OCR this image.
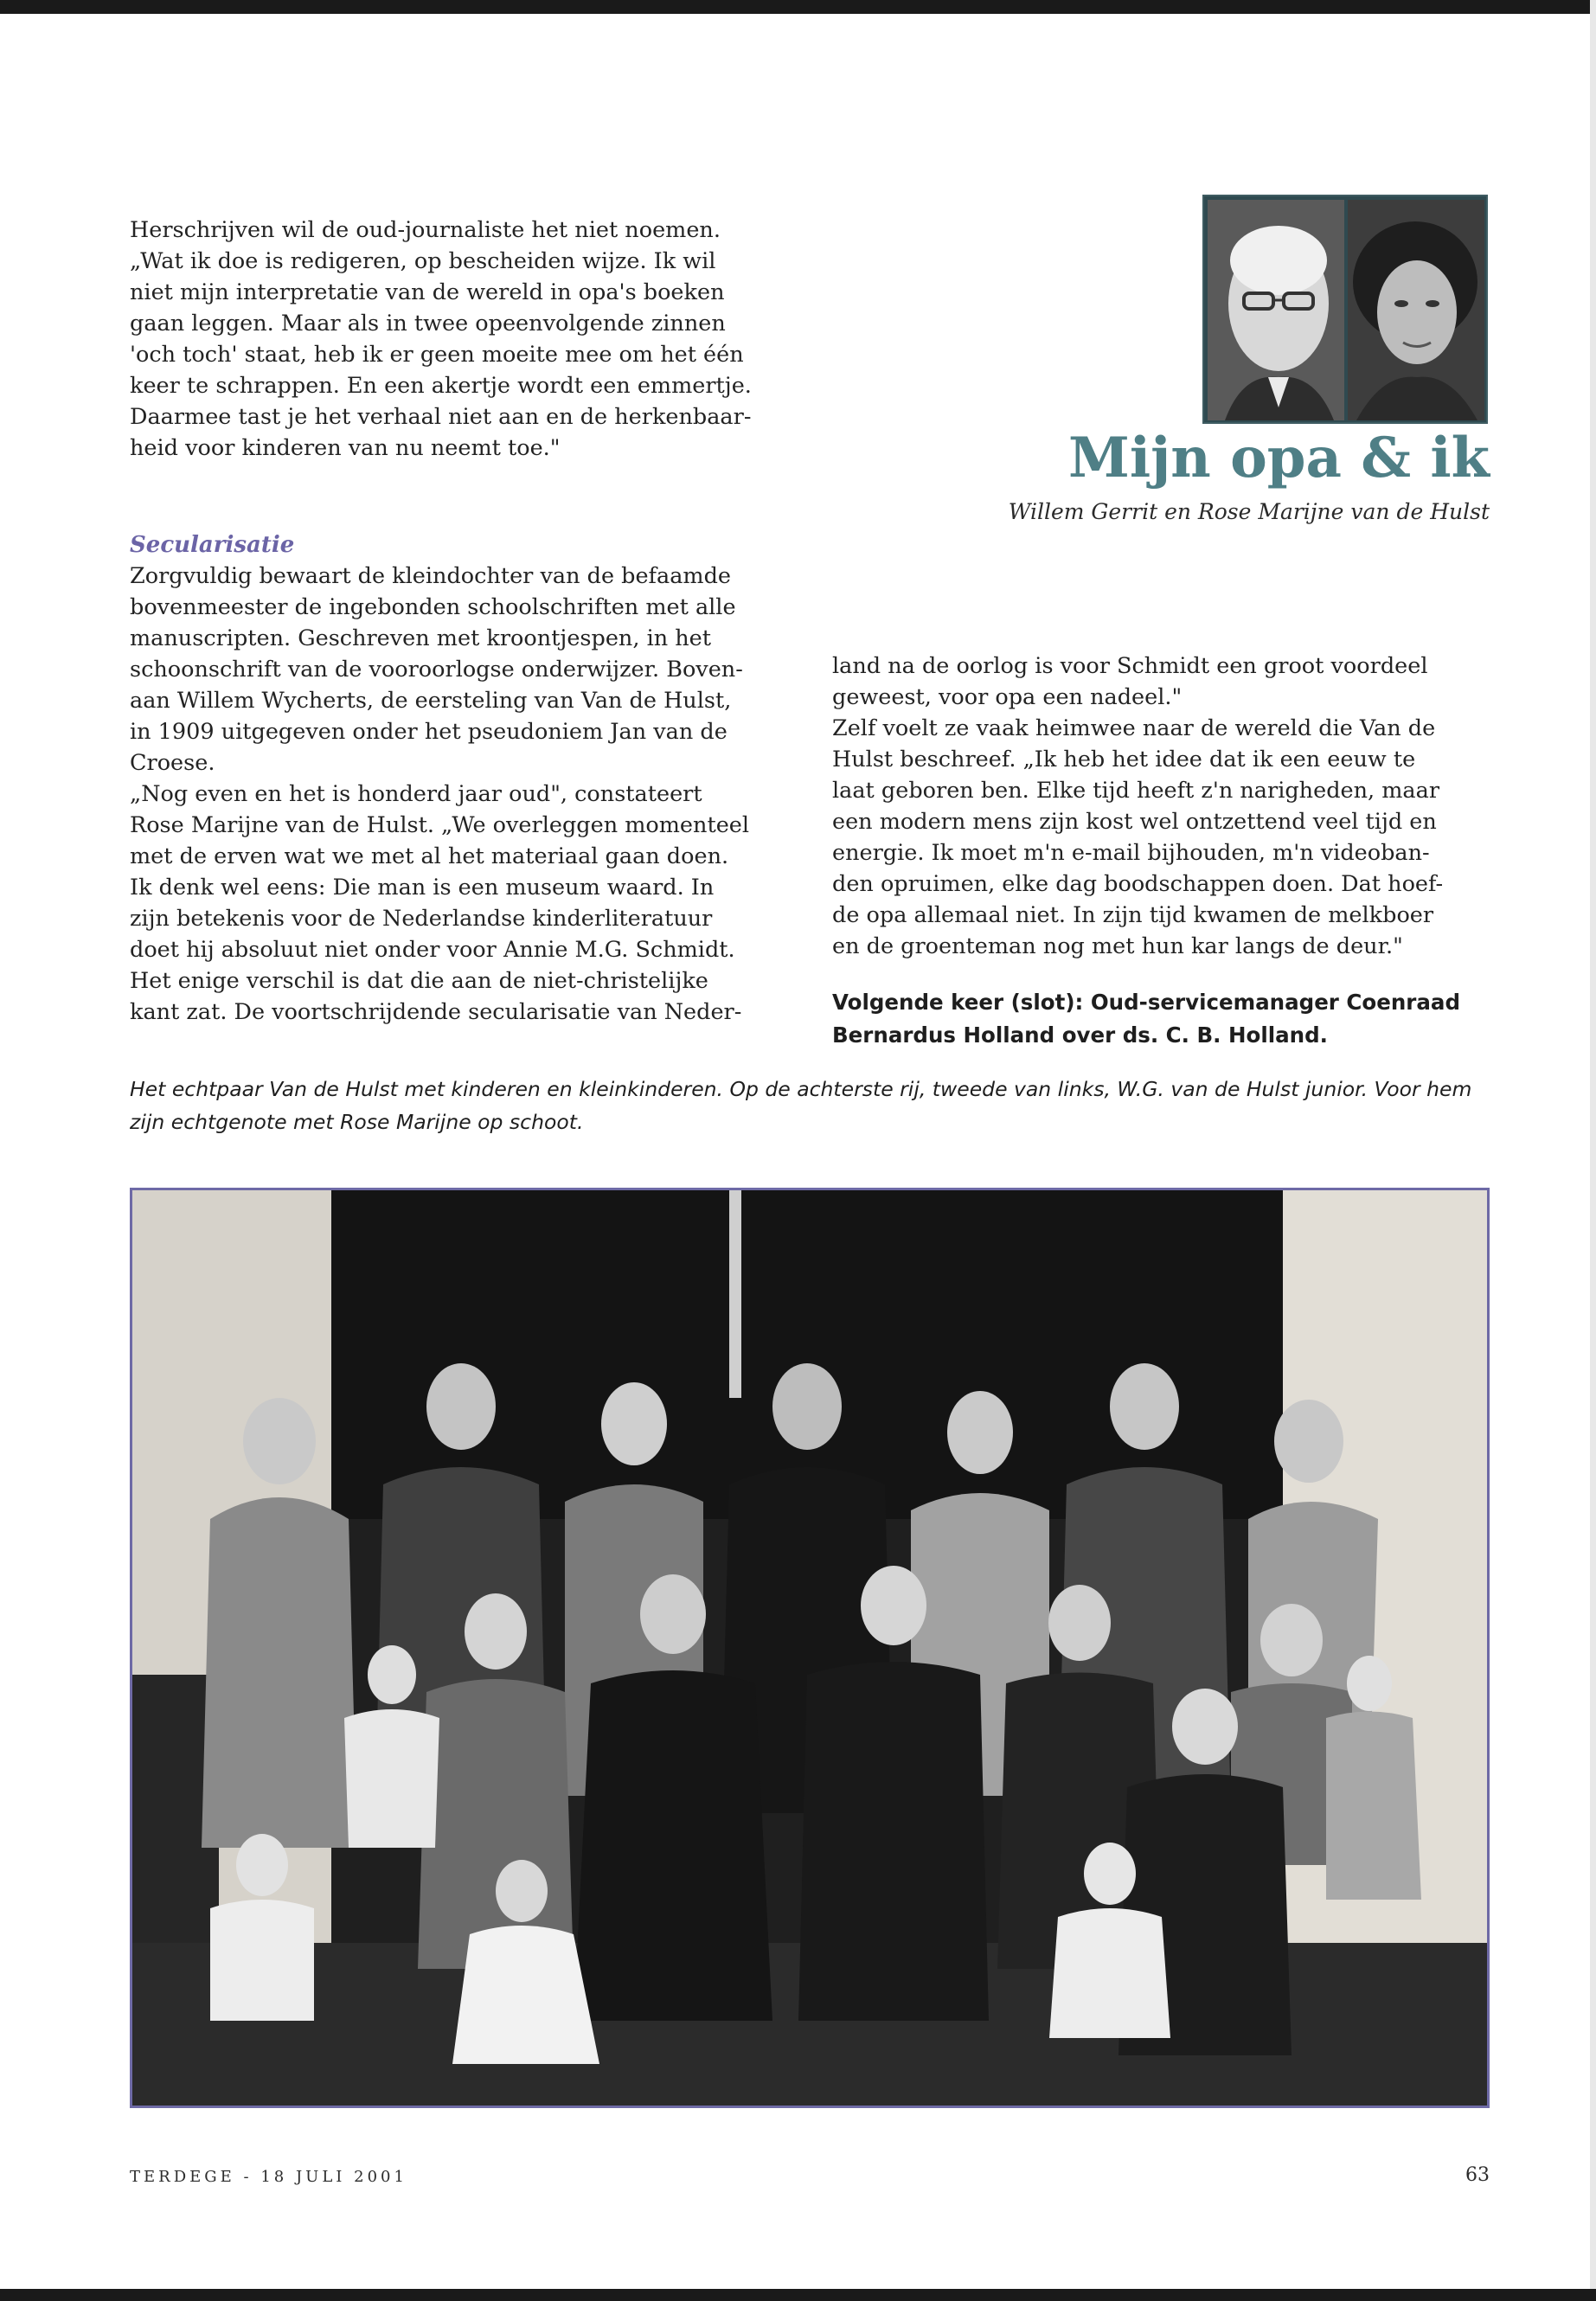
Mijn opa & ik

Willem Gerrit en Rose Marijne van de Hulst

Herschrijven wil de oud-journaliste het niet noemen.
„Wat ik doe is redigeren, op bescheiden wijze. Ik wil
niet mijn interpretatie van de wereld in opa's boeken
gaan leggen. Maar als in twee opeenvolgende zinnen
'och toch' staat, heb ik er geen moeite mee om het één
keer te schrappen. En een akertje wordt een emmertje.
Daarmee tast je het verhaal niet aan en de herkenbaar-
heid voor kinderen van nu neemt toe."

Secularisatie

Zorgvuldig bewaart de kleindochter van de befaamde
bovenmeester de ingebonden schoolschriften met alle
manuscripten. Geschreven met kroontjespen, in het
schoonschrift van de vooroorlogse onderwijzer. Boven-
aan Willem Wycherts, de eersteling van Van de Hulst,
in 1909 uitgegeven onder het pseudoniem Jan van de
Croese.

„Nog even en het is honderd jaar oud", constateert
Rose Marijne van de Hulst. „We overleggen momenteel
met de erven wat we met al het materiaal gaan doen.
Ik denk wel eens: Die man is een museum waard. In
zijn betekenis voor de Nederlandse kinderliteratuur
doet hij absoluut niet onder voor Annie M.G. Schmidt.
Het enige verschil is dat die aan de niet-christelijke
kant zat. De voortschrijdende secularisatie van Neder-

land na de oorlog is voor Schmidt een groot voordeel
geweest, voor opa een nadeel."

Zelf voelt ze vaak heimwee naar de wereld die Van de
Hulst beschreef. „Ik heb het idee dat ik een eeuw te
laat geboren ben. Elke tijd heeft z'n narigheden, maar
een modern mens zijn kost wel ontzettend veel tijd en
energie. Ik moet m'n e-mail bijhouden, m'n videoban-
den opruimen, elke dag boodschappen doen. Dat hoef-
de opa allemaal niet. In zijn tijd kwamen de melkboer
en de groenteman nog met hun kar langs de deur."

Volgende keer (slot): Oud-servicemanager Coenraad
Bernardus Holland over ds. C. B. Holland.

Het echtpaar Van de Hulst met kinderen en kleinkinderen. Op de achterste rij, tweede van links, W.G. van de Hulst junior. Voor hem zijn echtgenote met Rose Marijne op schoot.

TERDEGE - 18 JULI 2001	63
